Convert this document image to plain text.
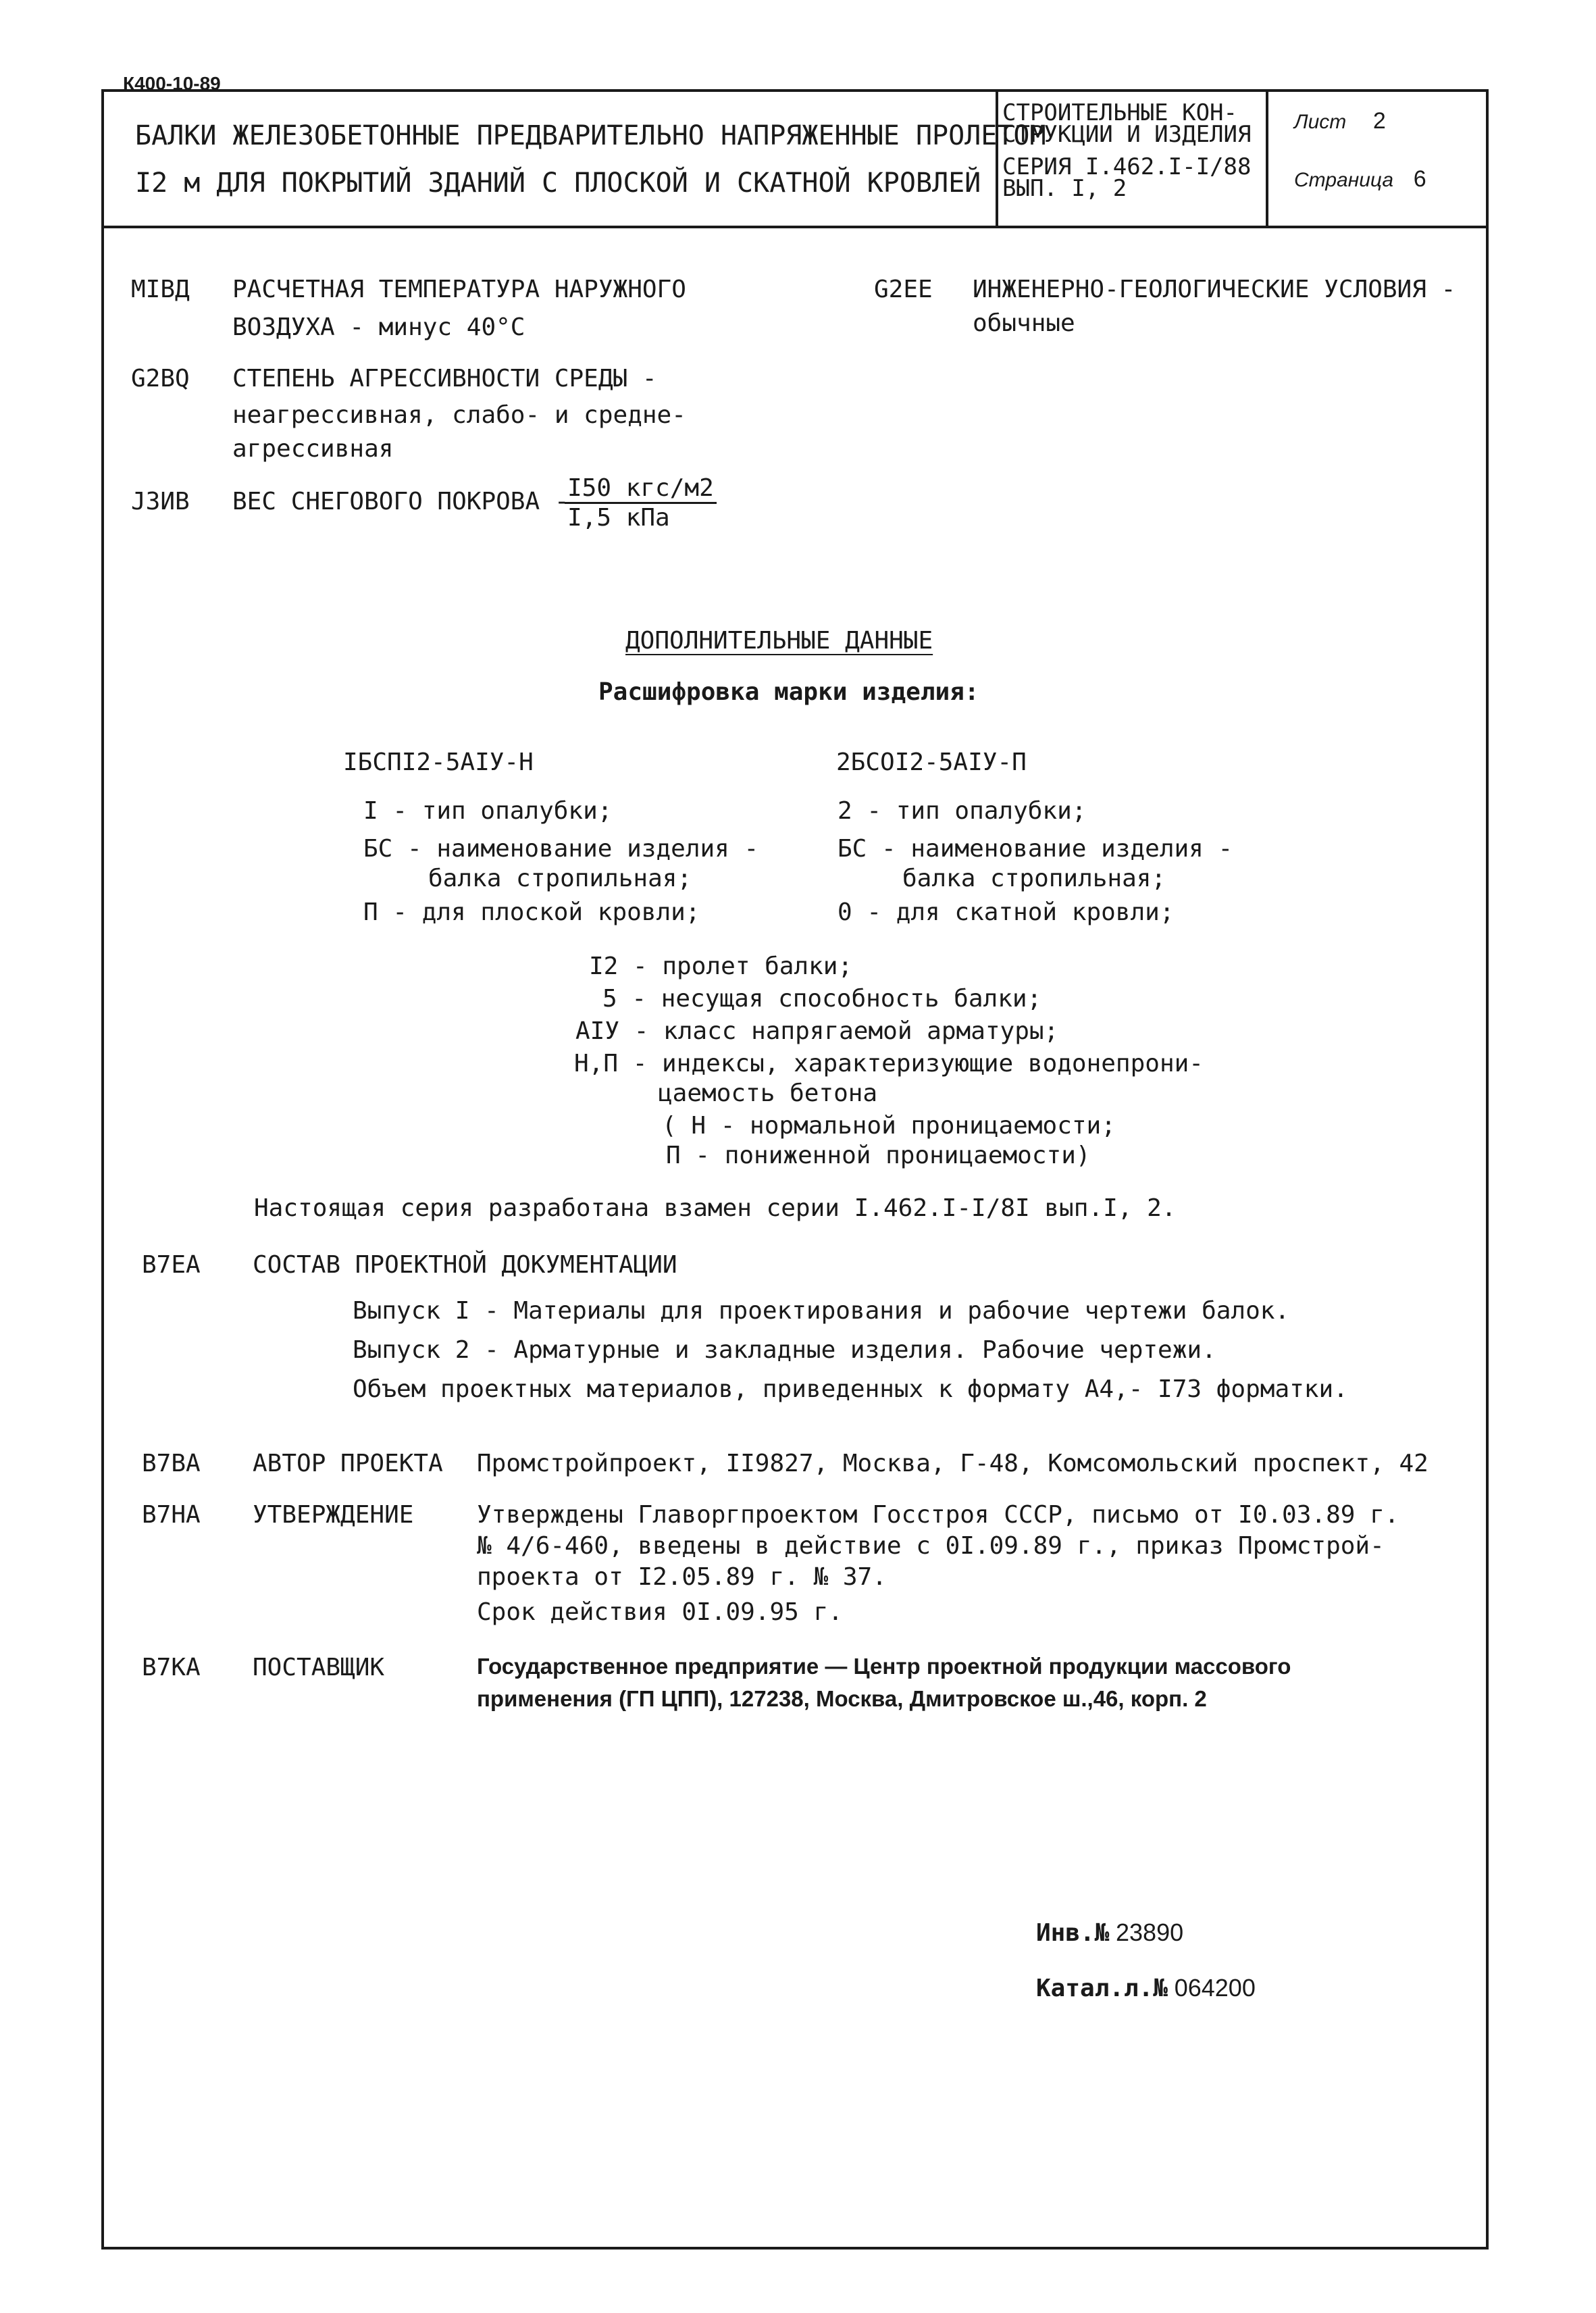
К400-10-89
БАЛКИ ЖЕЛЕЗОБЕТОННЫЕ ПРЕДВАРИТЕЛЬНО НАПРЯЖЕННЫЕ ПРОЛЕТОМ
I2 м ДЛЯ ПОКРЫТИЙ ЗДАНИЙ С ПЛОСКОЙ И СКАТНОЙ КРОВЛЕЙ
СТРОИТЕЛЬНЫЕ КОН-
СТРУКЦИИ И ИЗДЕЛИЯ
СЕРИЯ I.462.I-I/88
ВЫП. I, 2
Лист 2
Страница 6
МIВД РАСЧЕТНАЯ ТЕМПЕРАТУРА НАРУЖНОГО
ВОЗДУХА - минус 40°С
G2ЕЕ ИНЖЕНЕРНО-ГЕОЛОГИЧЕСКИЕ УСЛОВИЯ -
обычные
G2ВQ СТЕПЕНЬ АГРЕССИВНОСТИ СРЕДЫ -
неагрессивная, слабо- и средне-
агрессивная
J3ИВ ВЕС СНЕГОВОГО ПОКРОВА -
I50 кгс/м2
I,5 кПа
ДОПОЛНИТЕЛЬНЫЕ ДАННЫЕ
Расшифровка марки изделия:
IБСПI2-5AIУ-Н	2БСОI2-5AIУ-П
I - тип опалубки;
БС - наименование изделия -
балка стропильная;
П - для плоской кровли;
2 - тип опалубки;
БС - наименование изделия -
балка стропильная;
0 - для скатной кровли;
I2 - пролет балки;
5 - несущая способность балки;
AIУ - класс напрягаемой арматуры;
Н,П - индексы, характеризующие водонепрони-
цаемость бетона
( Н - нормальной проницаемости;
П - пониженной проницаемости)
Настоящая серия разработана взамен серии I.462.I-I/8I вып.I, 2.
В7ЕА СОСТАВ ПРОЕКТНОЙ ДОКУМЕНТАЦИИ
Выпуск I - Материалы для проектирования и рабочие чертежи балок.
Выпуск 2 - Арматурные и закладные изделия. Рабочие чертежи.
Объем проектных материалов, приведенных к формату А4,- I73 форматки.
В7ВА АВТОР ПРОЕКТА Промстройпроект, II9827, Москва, Г-48, Комсомольский проспект, 42
В7НА УТВЕРЖДЕНИЕ	Утверждены Главоргпроектом Госстроя СССР, письмо от I0.03.89 г.
№ 4/6-460, введены в действие с 0I.09.89 г., приказ Промстрой-
проекта от I2.05.89 г. № 37.
Срок действия 0I.09.95 г.
В7КА ПОСТАВЩИК	Государственное предприятие — Центр проектной продукции массового
применения (ГП ЦПП), 127238, Москва, Дмитровское ш.,46, корп. 2
Инв.№ 23890
Катал.л.№ 064200
